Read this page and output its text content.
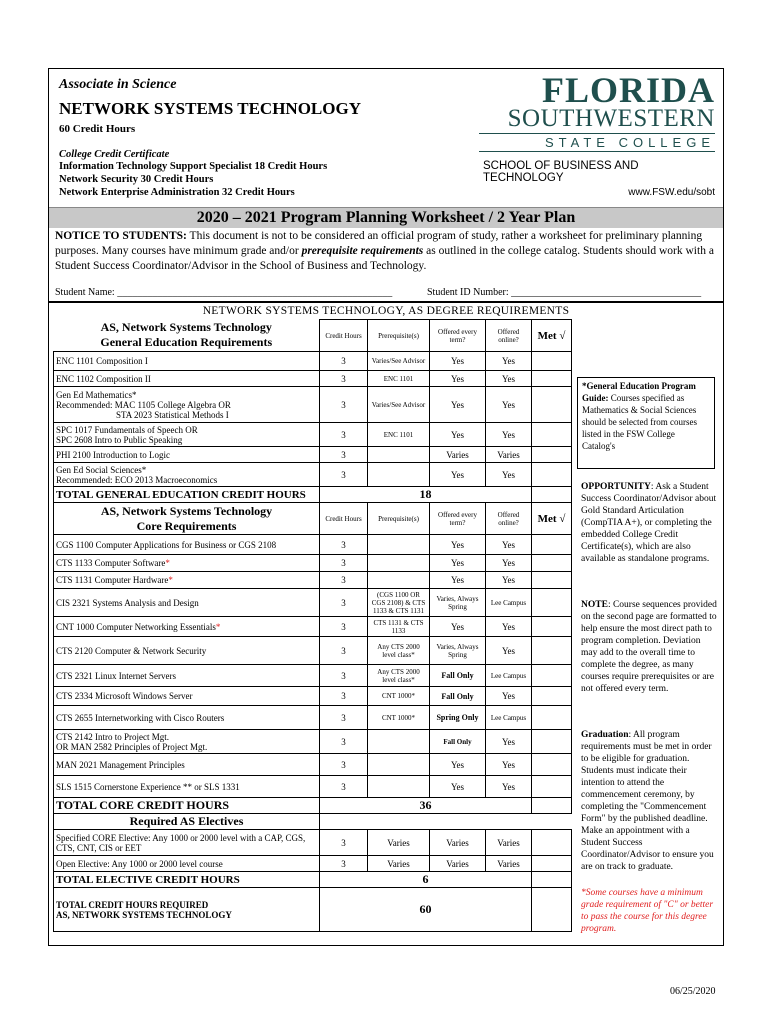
Associate in Science
NETWORK SYSTEMS TECHNOLOGY
60 Credit Hours
College Credit Certificate
Information Technology Support Specialist 18 Credit Hours
Network Security 30 Credit Hours
Network Enterprise Administration 32 Credit Hours
FLORIDA
SOUTHWESTERN
STATE COLLEGE
SCHOOL OF BUSINESS AND TECHNOLOGY
www.FSW.edu/sobt
2020 – 2021 Program Planning Worksheet / 2 Year Plan
NOTICE TO STUDENTS: This document is not to be considered an official program of study, rather a worksheet for preliminary planning purposes. Many courses have minimum grade and/or prerequisite requirements as outlined in the college catalog. Students should work with a Student Success Coordinator/Advisor in the School of Business and Technology.
Student Name: _______________________________________________________	Student ID Number: ______________________________________
NETWORK SYSTEMS TECHNOLOGY, AS DEGREE REQUIREMENTS
AS, Network Systems Technology
General Education Requirements	Credit Hours	Prerequisite(s)	Offered every term?	Offered online?	Met √
ENC 1101 Composition I	3	Varies/See Advisor	Yes	Yes	
ENC 1102 Composition II	3	ENC 1101	Yes	Yes	

Gen Ed Mathematics*
Recommended: MAC 1105 College Algebra OR
STA 2023 Statistical Methods I	3	Varies/See Advisor	Yes	Yes	

SPC 1017 Fundamentals of Speech OR
SPC 2608 Intro to Public Speaking	3	ENC 1101	Yes	Yes	
PHI 2100 Introduction to Logic	3		Varies	Varies	

Gen Ed Social Sciences*
Recommended: ECO 2013 Macroeconomics	3		Yes	Yes	
TOTAL GENERAL EDUCATION CREDIT HOURS	18				

AS, Network Systems Technology
Core Requirements	Credit Hours	Prerequisite(s)	Offered every term?	Offered online?	Met √
CGS 1100 Computer Applications for Business or CGS 2108	3		Yes	Yes	
CTS 1133 Computer Software*	3		Yes	Yes	
CTS 1131 Computer Hardware*	3		Yes	Yes	
CIS 2321 Systems Analysis and Design	3	(CGS 1100 OR CGS 2108) & CTS 1133 & CTS 1131	Varies, Always Spring	Lee Campus	
CNT 1000 Computer Networking Essentials*	3	CTS 1131 & CTS 1133	Yes	Yes	
CTS 2120 Computer & Network Security	3	Any CTS 2000 level class*	Varies, Always Spring	Yes	
CTS 2321 Linux Internet Servers	3	Any CTS 2000 level class*	Fall Only	Lee Campus	
CTS 2334 Microsoft Windows Server	3	CNT 1000*	Fall Only	Yes	
CTS 2655 Internetworking with Cisco Routers	3	CNT 1000*	Spring Only	Lee Campus	

CTS 2142 Intro to Project Mgt.
OR MAN 2582 Principles of Project Mgt.	3		Fall Only	Yes	
MAN 2021 Management Principles	3		Yes	Yes	
SLS 1515 Cornerstone Experience ** or SLS 1331	3		Yes	Yes	
TOTAL CORE CREDIT HOURS	36				
Required AS Electives					
Specified CORE Elective: Any 1000 or 2000 level with a CAP, CGS, CTS, CNT, CIS or EET	3	Varies	Varies	Varies	
Open Elective: Any 1000 or 2000 level course	3	Varies	Varies	Varies	
TOTAL ELECTIVE CREDIT HOURS	6				

TOTAL CREDIT HOURS REQUIRED
AS, NETWORK SYSTEMS TECHNOLOGY	60				
*General Education Program Guide: Courses specified as Mathematics & Social Sciences should be selected from courses listed in the FSW College Catalog's
OPPORTUNITY: Ask a Student Success Coordinator/Advisor about Gold Standard Articulation (CompTIA A+), or completing the embedded College Credit Certificate(s), which are also available as standalone programs.
NOTE: Course sequences provided on the second page are formatted to help ensure the most direct path to program completion. Deviation may add to the overall time to complete the degree, as many courses require prerequisites or are not offered every term.
Graduation: All program requirements must be met in order to be eligible for graduation. Students must indicate their intention to attend the commencement ceremony, by completing the "Commencement Form" by the published deadline. Make an appointment with a Student Success Coordinator/Advisor to ensure you are on track to graduate.
*Some courses have a minimum grade requirement of "C" or better to pass the course for this degree program.
06/25/2020
